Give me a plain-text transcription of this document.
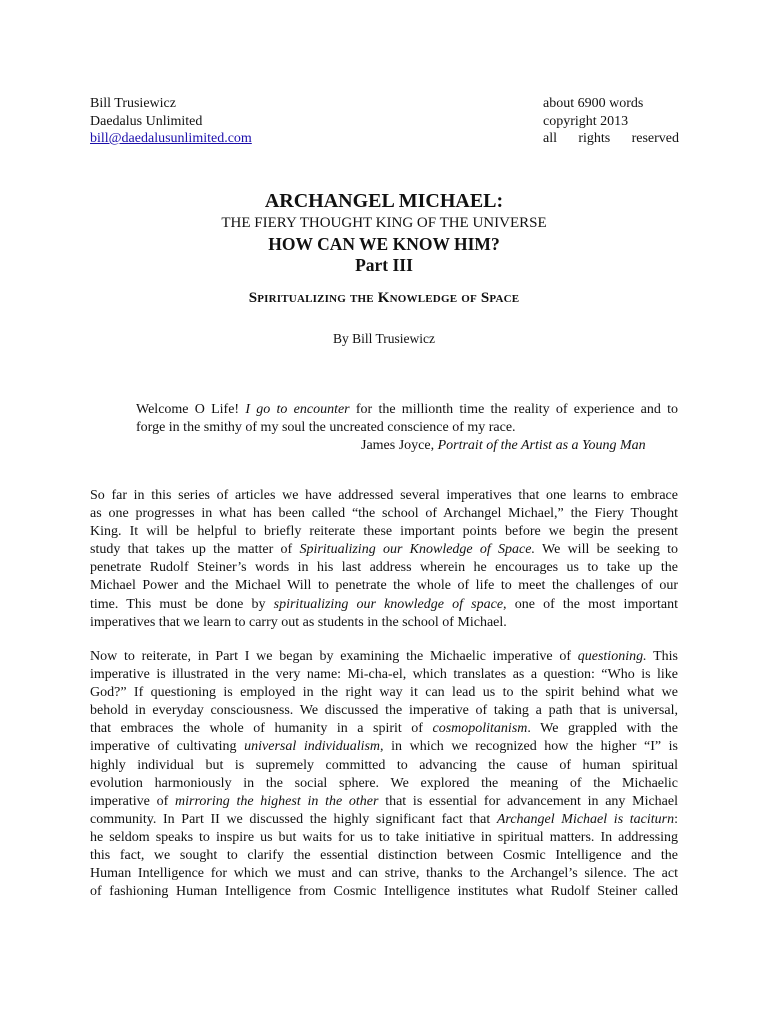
Bill Trusiewicz
Daedalus Unlimited
bill@daedalusunlimited.com
about 6900 words
copyright 2013
all rights reserved
ARCHANGEL MICHAEL:
THE FIERY THOUGHT KING OF THE UNIVERSE
HOW CAN WE KNOW HIM?
Part III
Spiritualizing the Knowledge of Space
By Bill Trusiewicz
Welcome O Life! I go to encounter for the millionth time the reality of experience and to
forge in the smithy of my soul the uncreated conscience of my race.
James Joyce, Portrait of the Artist as a Young Man
So far in this series of articles we have addressed several imperatives that one learns to embrace
as one progresses in what has been called “the school of Archangel Michael,” the Fiery Thought
King. It will be helpful to briefly reiterate these important points before we begin the present
study that takes up the matter of Spiritualizing our Knowledge of Space. We will be seeking to
penetrate Rudolf Steiner’s words in his last address wherein he encourages us to take up the
Michael Power and the Michael Will to penetrate the whole of life to meet the challenges of our
time. This must be done by spiritualizing our knowledge of space, one of the most important
imperatives that we learn to carry out as students in the school of Michael.
Now to reiterate, in Part I we began by examining the Michaelic imperative of questioning. This
imperative is illustrated in the very name: Mi-cha-el, which translates as a question: “Who is like
God?” If questioning is employed in the right way it can lead us to the spirit behind what we
behold in everyday consciousness. We discussed the imperative of taking a path that is universal,
that embraces the whole of humanity in a spirit of cosmopolitanism. We grappled with the
imperative of cultivating universal individualism, in which we recognized how the higher “I” is
highly individual but is supremely committed to advancing the cause of human spiritual
evolution harmoniously in the social sphere. We explored the meaning of the Michaelic
imperative of mirroring the highest in the other that is essential for advancement in any Michael
community. In Part II we discussed the highly significant fact that Archangel Michael is taciturn:
he seldom speaks to inspire us but waits for us to take initiative in spiritual matters. In addressing
this fact, we sought to clarify the essential distinction between Cosmic Intelligence and the
Human Intelligence for which we must and can strive, thanks to the Archangel’s silence. The act
of fashioning Human Intelligence from Cosmic Intelligence institutes what Rudolf Steiner called
